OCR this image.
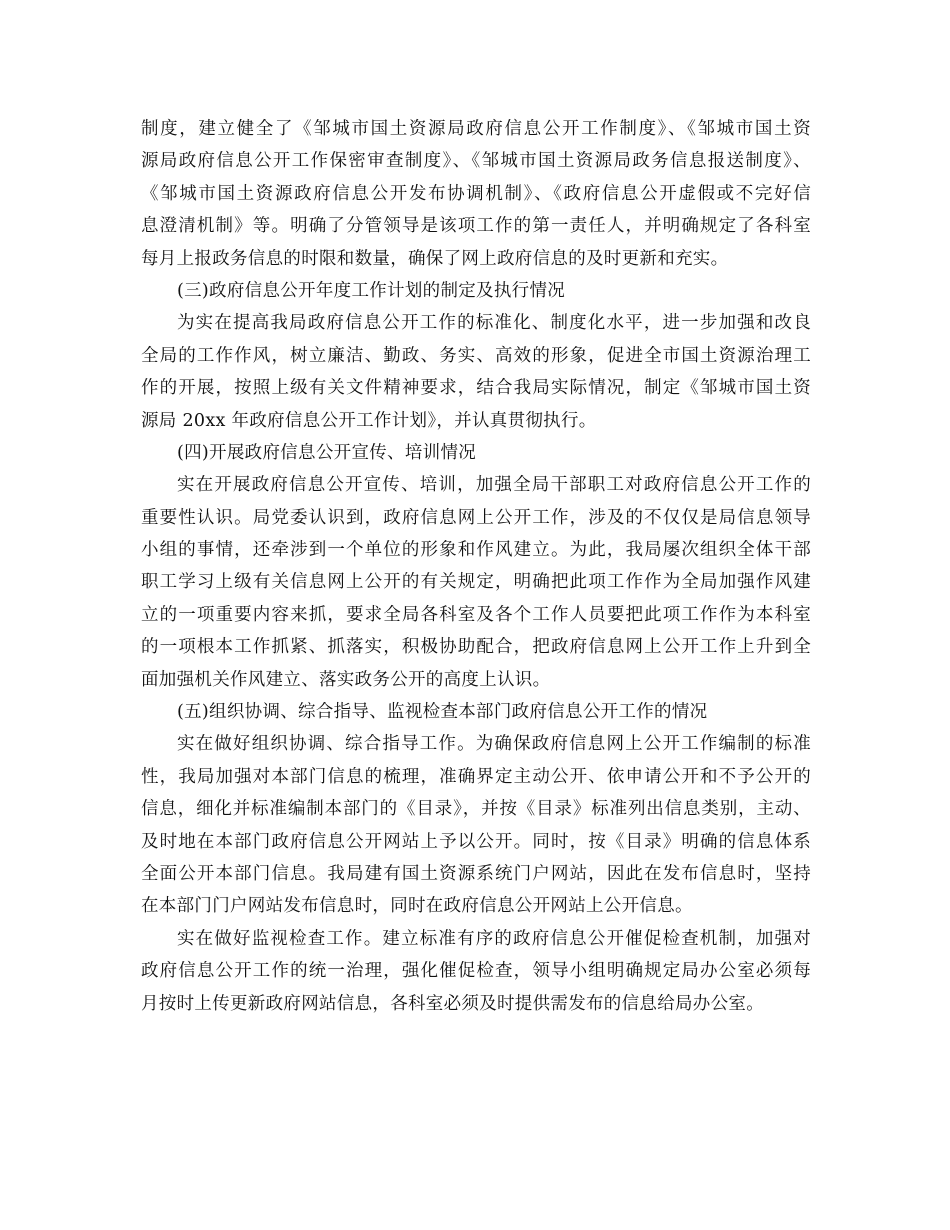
制度，建立健全了《邹城市国土资源局政府信息公开工作制度》、《邹城市国土资
源局政府信息公开工作保密审查制度》、《邹城市国土资源局政务信息报送制度》、
《邹城市国土资源政府信息公开发布协调机制》、《政府信息公开虚假或不完好信
息澄清机制》等。明确了分管领导是该项工作的第一责任人，并明确规定了各科室
每月上报政务信息的时限和数量，确保了网上政府信息的及时更新和充实。
(三)政府信息公开年度工作计划的制定及执行情况
为实在提高我局政府信息公开工作的标准化、制度化水平，进一步加强和改良
全局的工作作风，树立廉洁、勤政、务实、高效的形象，促进全市国土资源治理工
作的开展，按照上级有关文件精神要求，结合我局实际情况，制定《邹城市国土资
源局 20xx 年政府信息公开工作计划》，并认真贯彻执行。
(四)开展政府信息公开宣传、培训情况
实在开展政府信息公开宣传、培训，加强全局干部职工对政府信息公开工作的
重要性认识。局党委认识到，政府信息网上公开工作，涉及的不仅仅是局信息领导
小组的事情，还牵涉到一个单位的形象和作风建立。为此，我局屡次组织全体干部
职工学习上级有关信息网上公开的有关规定，明确把此项工作作为全局加强作风建
立的一项重要内容来抓，要求全局各科室及各个工作人员要把此项工作作为本科室
的一项根本工作抓紧、抓落实，积极协助配合，把政府信息网上公开工作上升到全
面加强机关作风建立、落实政务公开的高度上认识。
(五)组织协调、综合指导、监视检查本部门政府信息公开工作的情况
实在做好组织协调、综合指导工作。为确保政府信息网上公开工作编制的标准
性，我局加强对本部门信息的梳理，准确界定主动公开、依申请公开和不予公开的
信息，细化并标准编制本部门的《目录》，并按《目录》标准列出信息类别，主动、
及时地在本部门政府信息公开网站上予以公开。同时，按《目录》明确的信息体系
全面公开本部门信息。我局建有国土资源系统门户网站，因此在发布信息时，坚持
在本部门门户网站发布信息时，同时在政府信息公开网站上公开信息。
实在做好监视检查工作。建立标准有序的政府信息公开催促检查机制，加强对
政府信息公开工作的统一治理，强化催促检查，领导小组明确规定局办公室必须每
月按时上传更新政府网站信息，各科室必须及时提供需发布的信息给局办公室。
